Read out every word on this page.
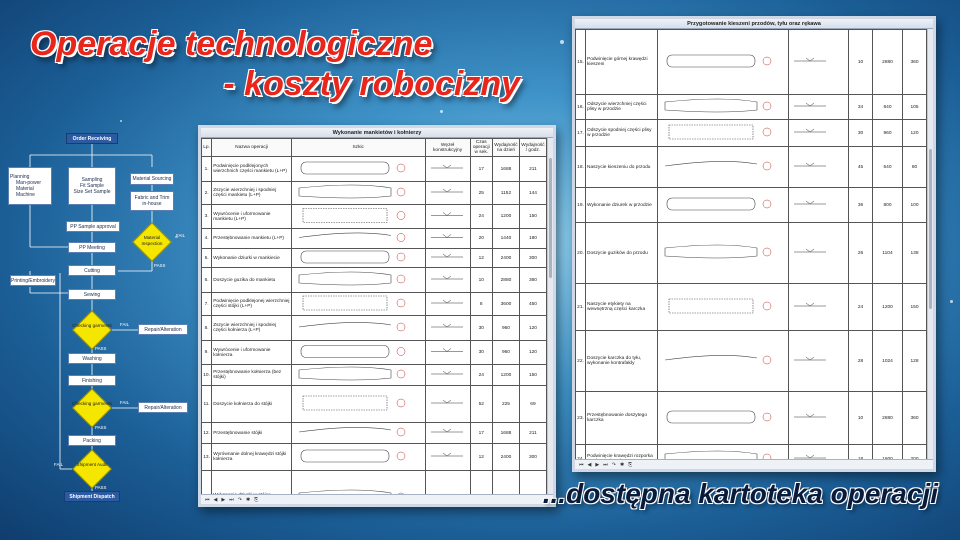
Operacje technologiczne
- koszty robocizny
Order Receiving
Planning
Man-power
Material
Machine
Sampling
Fit Sample
Size Set Sample
Material Sourcing
Fabric and Trim in-house
PP Sample approval
Material Inspection
FAIL
PASS
PP Meeting
Cutting
Printing/Embroidery
Sewing
Checking garments	FAIL
Repair/Alteration
PASS
Washing
Finishing
Checking garments	FAIL
Repair/Alteration
PASS
Packing
Shipment Audit
FAIL
PASS
Shipment Dispatch
Wykonanie mankietów i kołnierzy
Lp.	Nazwa operacji	Szkic	Węzeł konstrukcyjny	Czas operacji w sek.	Wydajność na dzień	Wydajność / godz.
1.	Podwinięcie podklejonych wierzchnich części mankietu (L+P)			17	1688	211
2.	Zszycie wierzchniej i spodniej części mankietu (L+P)			25	1152	144
3.	Wywrócenie i uformowanie mankietu (L+P)			24	1200	150
4.	Przestębnowanie mankietu (L+P)			20	1440	180
5.	Wykonanie dziurki w mankiecie			12	2400	300
6.	Doszycie guzika do mankietu			10	2880	360
7.	Podwinięcie podklejonej wierzchniej części stójki (L+P)			8	3600	450
8.	Zszycie wierzchniej i spodniej części kołnierza (L+P)			30	960	120
9.	Wywrócenie i uformowanie kołnierza			30	960	120
10.	Przestębnowanie kołnierza (bez stójki)			24	1200	150
11.	Doszycie kołnierza do stójki			52	225	69
12.	Przestębnowanie stójki			17	1688	211
13.	Wyrównanie dolnej krawędzi stójki kołnierza			12	2400	300

⏮ ◀ ▶ ⏭ ↷ ✱ ⎘
Przygotowanie kieszeni przodów, tyłu oraz rękawa
15.	Podwinięcie górnej krawędzi kieszeni			10	2880	360
16.	Odszycie wierzchniej części plisy w przodzie			34	840	105
17.	Odszycie spodniej części plisy w przodzie			30	960	120
18.	Naszycie kieszeniu do przodu			45	640	80
19.	Wykonanie dziurek w przodzie			36	800	100
20.	Doszycie guzików do przodu			26	1104	138
21.	Naszycie etykiety na wewnętrzną części karczka			24	1200	150
22.	Doszycie karczka do tyłu, wykonanie kontrafałdy			28	1024	128
23.	Przestębnowanie doszytego karczka			10	2880	360
24.	Podwinięcie krawędzi rozporka			18	1600	200

⏮ ◀ ▶ ⏭ ↷ ✱ ⎘
...dostępna kartoteka operacji
